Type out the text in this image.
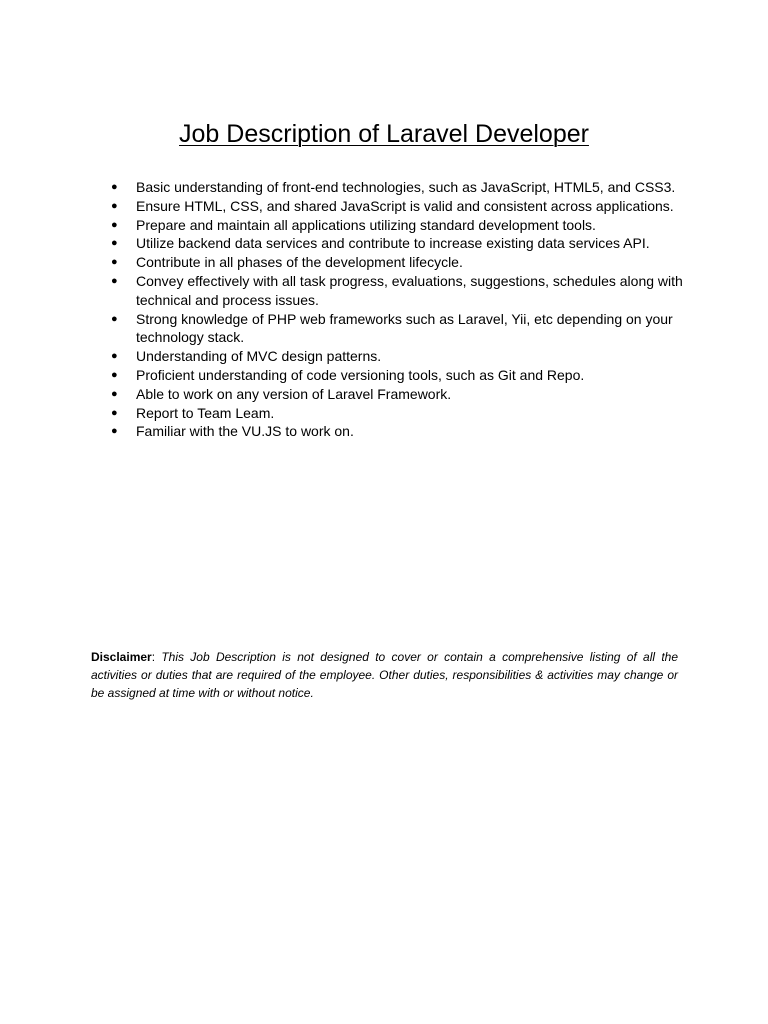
Job Description of Laravel Developer
● Basic understanding of front-end technologies, such as JavaScript, HTML5, and CSS3.
● Ensure HTML, CSS, and shared JavaScript is valid and consistent across applications.
● Prepare and maintain all applications utilizing standard development tools.
● Utilize backend data services and contribute to increase existing data services API.
● Contribute in all phases of the development lifecycle.
● Convey effectively with all task progress, evaluations, suggestions, schedules along with technical and process issues.
● Strong knowledge of PHP web frameworks such as Laravel, Yii, etc depending on your technology stack.
● Understanding of MVC design patterns.
● Proficient understanding of code versioning tools, such as Git and Repo.
● Able to work on any version of Laravel Framework.
● Report to Team Leam.
● Familiar with the VU.JS to work on.

Disclaimer: This Job Description is not designed to cover or contain a comprehensive listing of all the activities or duties that are required of the employee. Other duties, responsibilities & activities may change or be assigned at time with or without notice.
